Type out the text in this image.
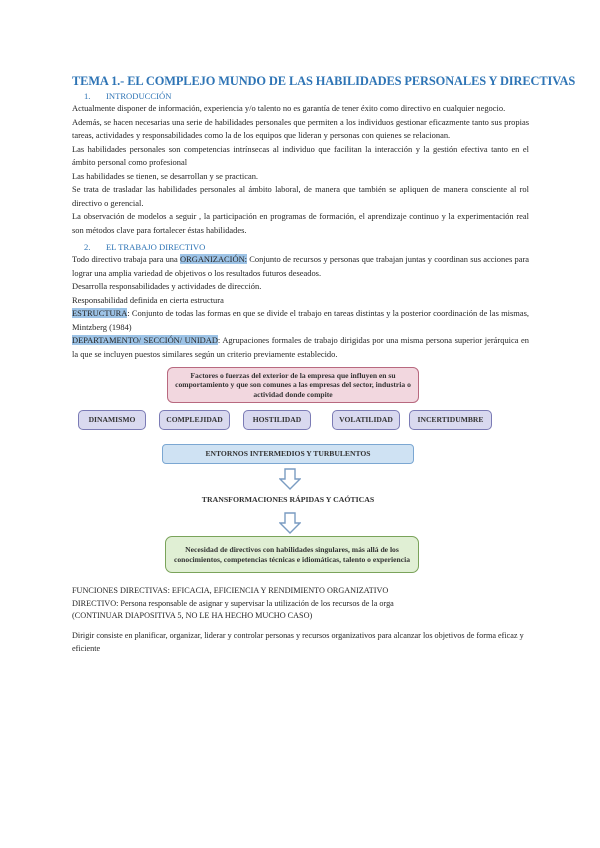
TEMA 1.- EL COMPLEJO MUNDO DE LAS HABILIDADES PERSONALES Y DIRECTIVAS
1. INTRODUCCIÓN

Actualmente disponer de información, experiencia y/o talento no es garantía de tener éxito como directivo en cualquier negocio.

Además, se hacen necesarias una serie de habilidades personales que permiten a los individuos gestionar eficazmente tanto sus propias tareas, actividades y responsabilidades como la de los equipos que lideran y personas con quienes se relacionan.

Las habilidades personales son competencias intrínsecas al individuo que facilitan la interacción y la gestión efectiva tanto en el ámbito personal como profesional

Las habilidades se tienen, se desarrollan y se practican.

Se trata de trasladar las habilidades personales al ámbito laboral, de manera que también se apliquen de manera consciente al rol directivo o gerencial.

La observación de modelos a seguir , la participación en programas de formación, el aprendizaje continuo y la experimentación real son métodos clave para fortalecer éstas habilidades.

2. EL TRABAJO DIRECTIVO

Todo directivo trabaja para una ORGANIZACIÓN: Conjunto de recursos y personas que trabajan juntas y coordinan sus acciones para lograr una amplia variedad de objetivos o los resultados futuros deseados.

Desarrolla responsabilidades y actividades de dirección.

Responsabilidad definida en cierta estructura

ESTRUCTURA: Conjunto de todas las formas en que se divide el trabajo en tareas distintas y la posterior coordinación de las mismas, Mintzberg (1984)

DEPARTAMENTO/ SECCIÓN/ UNIDAD: Agrupaciones formales de trabajo dirigidas por una misma persona superior jerárquica en la que se incluyen puestos similares según un criterio previamente establecido.

Factores o fuerzas del exterior de la empresa que influyen en su comportamiento y que son comunes a las empresas del sector, industria o actividad donde compite
DINAMISMO	COMPLEJIDAD	HOSTILIDAD	VOLATILIDAD	INCERTIDUMBRE
ENTORNOS INTERMEDIOS Y TURBULENTOS
TRANSFORMACIONES RÁPIDAS Y CAÓTICAS
Necesidad de directivos con habilidades singulares, más allá de los conocimientos, competencias técnicas e idiomáticas, talento o experiencia

FUNCIONES DIRECTIVAS: EFICACIA, EFICIENCIA Y RENDIMIENTO ORGANIZATIVO

DIRECTIVO: Persona responsable de asignar y supervisar la utilización de los recursos de la orga

(CONTINUAR DIAPOSITIVA 5, NO LE HA HECHO MUCHO CASO)

Dirigir consiste en planificar, organizar, liderar y controlar personas y recursos organizativos para alcanzar los objetivos de forma eficaz y eficiente
